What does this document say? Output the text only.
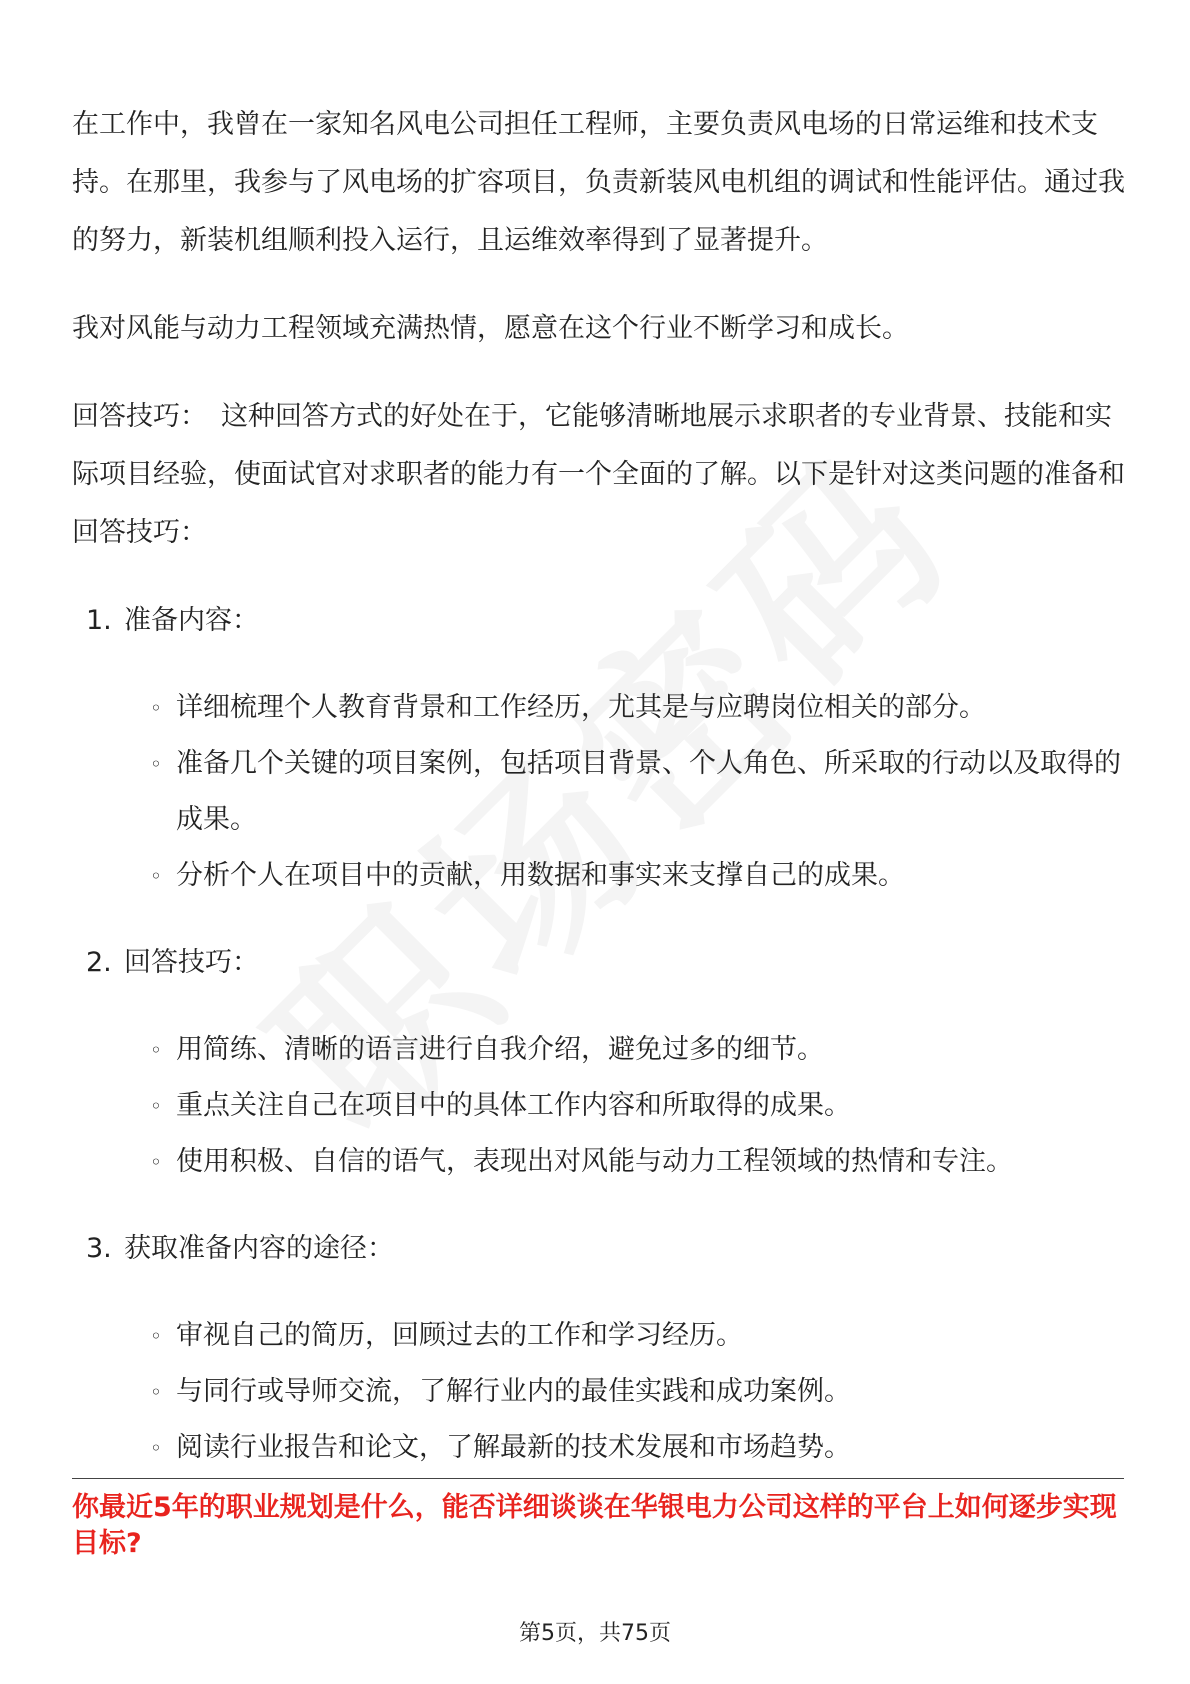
在工作中，我曾在一家知名风电公司担任工程师，主要负责风电场的日常运维和技术支持。在那里，我参与了风电场的扩容项目，负责新装风电机组的调试和性能评估。通过我的努力，新装机组顺利投入运行，且运维效率得到了显著提升。

我对风能与动力工程领域充满热情，愿意在这个行业不断学习和成长。

回答技巧： 这种回答方式的好处在于，它能够清晰地展示求职者的专业背景、技能和实际项目经验，使面试官对求职者的能力有一个全面的了解。以下是针对这类问题的准备和回答技巧：

1. 准备内容：
◦ 详细梳理个人教育背景和工作经历，尤其是与应聘岗位相关的部分。
◦ 准备几个关键的项目案例，包括项目背景、个人角色、所采取的行动以及取得的成果。
◦ 分析个人在项目中的贡献，用数据和事实来支撑自己的成果。
2. 回答技巧：
◦ 用简练、清晰的语言进行自我介绍，避免过多的细节。
◦ 重点关注自己在项目中的具体工作内容和所取得的成果。
◦ 使用积极、自信的语气，表现出对风能与动力工程领域的热情和专注。
3. 获取准备内容的途径：
◦ 审视自己的简历，回顾过去的工作和学习经历。
◦ 与同行或导师交流，了解行业内的最佳实践和成功案例。
◦ 阅读行业报告和论文，了解最新的技术发展和市场趋势。
你最近5年的职业规划是什么，能否详细谈谈在华银电力公司这样的平台上如何逐步实现目标?
第5页，共75页
